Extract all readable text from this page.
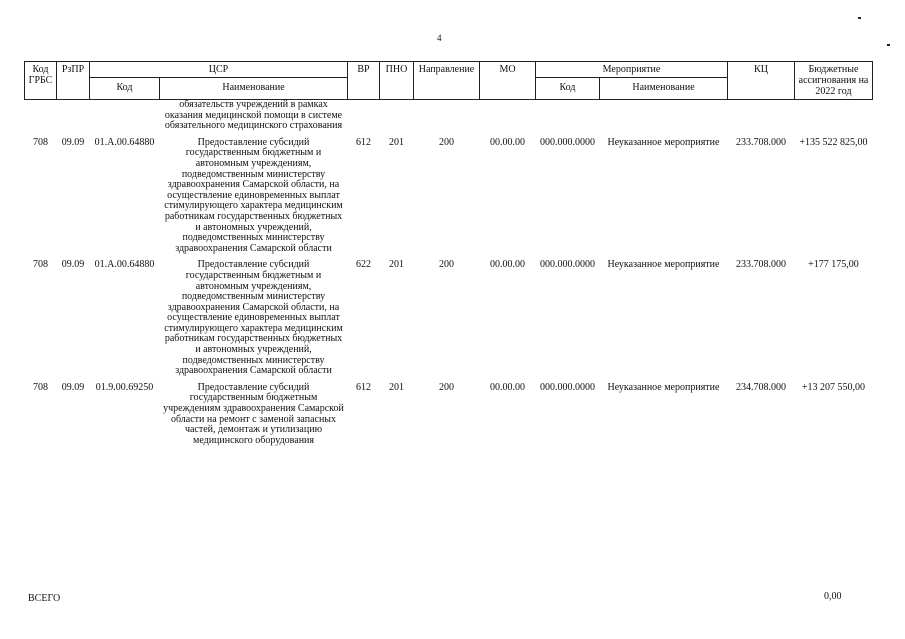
4
Код ГРБС	РзПР	ЦСР		ВР	ПНО	Направление	МО	Мероприятие		КЦ	Бюджетные ассигнования на 2022 год
		Код	Наименование					Код	Наименование		
			обязательств учреждений в рамках оказания медицинской помощи в системе обязательного медицинского страхования								
708	09.09	01.А.00.64880	Предоставление субсидий государственным бюджетным и автономным учреждениям, подведомственным министерству здравоохранения Самарской области, на осуществление единовременных выплат стимулирующего характера медицинским работникам государственных бюджетных и автономных учреждений, подведомственных министерству здравоохранения Самарской области	612	201	200	00.00.00	000.000.0000	Неуказанное мероприятие	233.708.000	+135 522 825,00
708	09.09	01.А.00.64880	Предоставление субсидий государственным бюджетным и автономным учреждениям, подведомственным министерству здравоохранения Самарской области, на осуществление единовременных выплат стимулирующего характера медицинским работникам государственных бюджетных и автономных учреждений, подведомственных министерству здравоохранения Самарской области	622	201	200	00.00.00	000.000.0000	Неуказанное мероприятие	233.708.000	+177 175,00
708	09.09	01.9.00.69250	Предоставление субсидий государственным бюджетным учреждениям здравоохранения Самарской области на ремонт с заменой запасных частей, демонтаж и утилизацию медицинского оборудования	612	201	200	00.00.00	000.000.0000	Неуказанное мероприятие	234.708.000	+13 207 550,00
ВСЕГО	0,00
